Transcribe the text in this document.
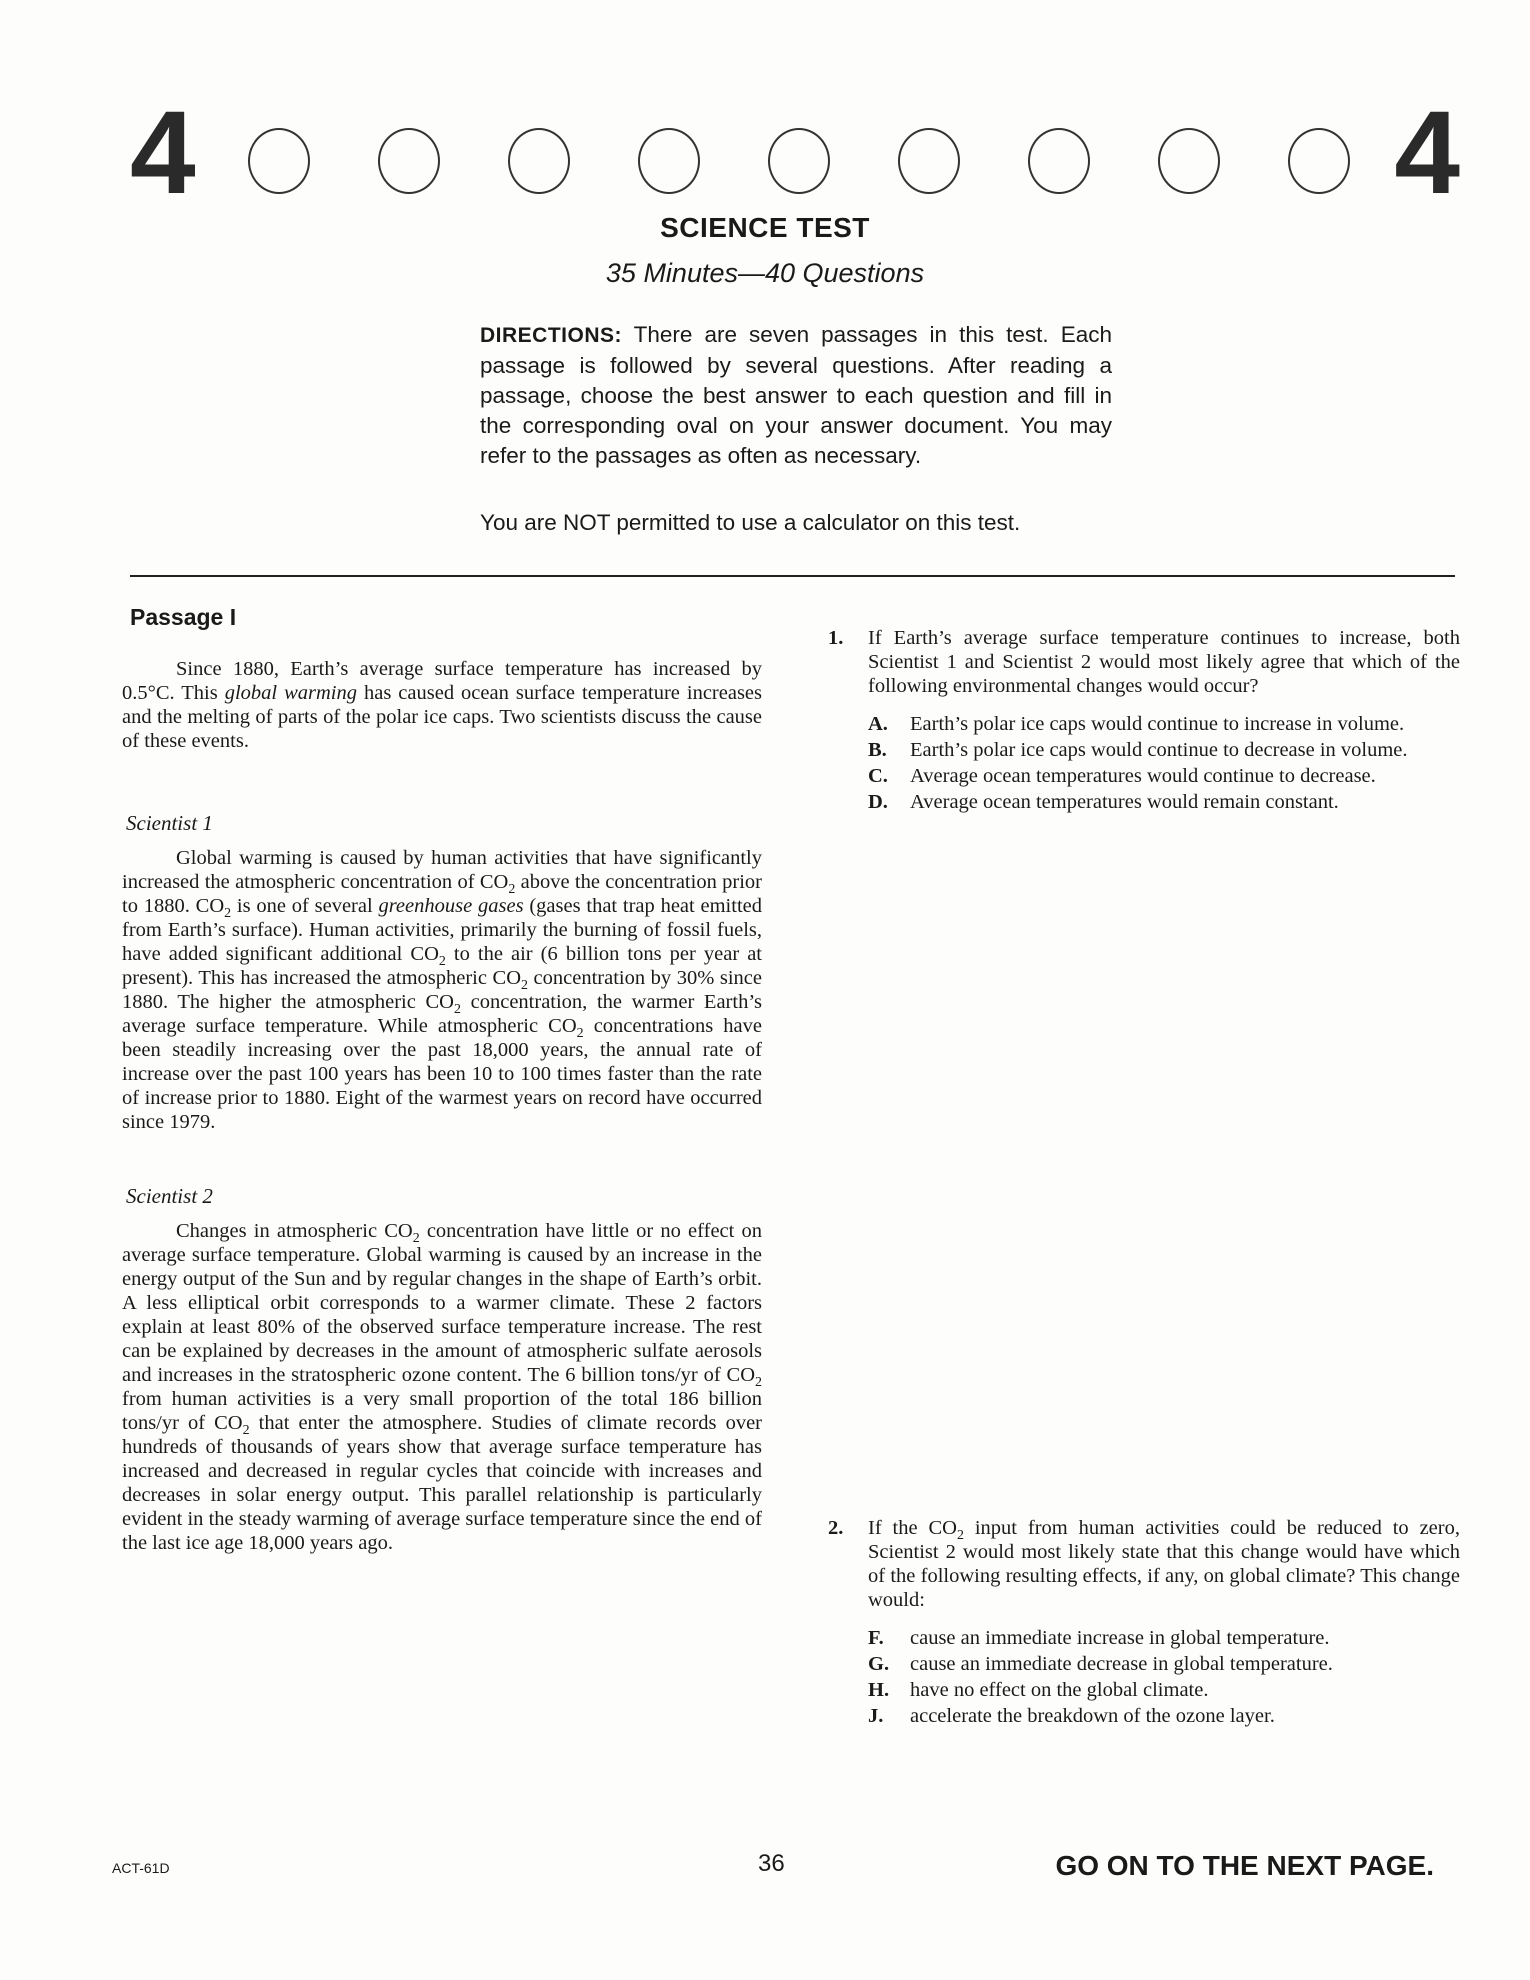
4	4
SCIENCE TEST
35 Minutes—40 Questions
DIRECTIONS: There are seven passages in this test. Each passage is followed by several questions. After reading a passage, choose the best answer to each question and fill in the corresponding oval on your answer document. You may refer to the passages as often as necessary.
You are NOT permitted to use a calculator on this test.
Passage I

Since 1880, Earth’s average surface temperature has increased by 0.5°C. This global warming has caused ocean surface temperature increases and the melting of parts of the polar ice caps. Two scientists discuss the cause of these events.

Scientist 1

Global warming is caused by human activities that have significantly increased the atmospheric concentration of $CO_2$ above the concentration prior to 1880. $CO_2$ is one of several greenhouse gases (gases that trap heat emitted from Earth’s surface). Human activities, primarily the burning of fossil fuels, have added significant additional $CO_2$ to the air (6 billion tons per year at present). This has increased the atmospheric $CO_2$ concentration by 30% since 1880. The higher the atmospheric $CO_2$ concentration, the warmer Earth’s average surface temperature. While atmospheric $CO_2$ concentrations have been steadily increasing over the past 18,000 years, the annual rate of increase over the past 100 years has been 10 to 100 times faster than the rate of increase prior to 1880. Eight of the warmest years on record have occurred since 1979.

Scientist 2

Changes in atmospheric $CO_2$ concentration have little or no effect on average surface temperature. Global warming is caused by an increase in the energy output of the Sun and by regular changes in the shape of Earth’s orbit. A less elliptical orbit corresponds to a warmer climate. These 2 factors explain at least 80% of the observed surface temperature increase. The rest can be explained by decreases in the amount of atmospheric sulfate aerosols and increases in the stratospheric ozone content. The 6 billion tons/yr of $CO_2$ from human activities is a very small proportion of the total 186 billion tons/yr of $CO_2$ that enter the atmosphere. Studies of climate records over hundreds of thousands of years show that average surface temperature has increased and decreased in regular cycles that coincide with increases and decreases in solar energy output. This parallel relationship is particularly evident in the steady warming of average surface temperature since the end of the last ice age 18,000 years ago.

1. If Earth’s average surface temperature continues to increase, both Scientist 1 and Scientist 2 would most likely agree that which of the following environmental changes would occur?

A. Earth’s polar ice caps would continue to increase in volume.
B. Earth’s polar ice caps would continue to decrease in volume.
C. Average ocean temperatures would continue to decrease.
D. Average ocean temperatures would remain constant.

2. If the $CO_2$ input from human activities could be reduced to zero, Scientist 2 would most likely state that this change would have which of the following resulting effects, if any, on global climate? This change would:

F. cause an immediate increase in global temperature.
G. cause an immediate decrease in global temperature.
H. have no effect on the global climate.
J. accelerate the breakdown of the ozone layer.
ACT-61D	36	GO ON TO THE NEXT PAGE.
